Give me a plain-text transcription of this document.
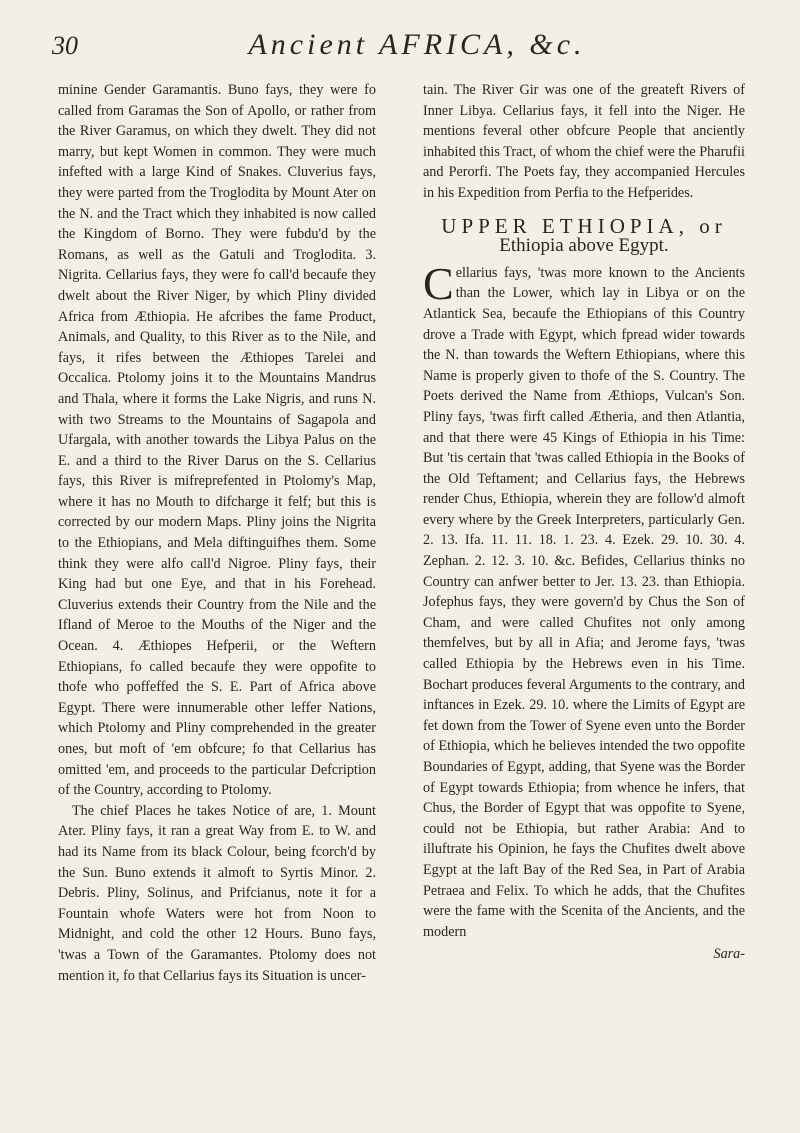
30	Ancient AFRICA, &c.

minine Gender Garamantis. Buno fays, they were fo called from Garamas the Son of Apollo, or rather from the River Garamus, on which they dwelt. They did not marry, but kept Women in common. They were much infefted with a large Kind of Snakes. Cluverius fays, they were parted from the Troglodita by Mount Ater on the N. and the Tract which they inhabited is now called the Kingdom of Borno. They were fubdu'd by the Romans, as well as the Gatuli and Troglodita. 3. Nigrita. Cellarius fays, they were fo call'd becaufe they dwelt about the River Niger, by which Pliny divided Africa from Æthiopia. He afcribes the fame Product, Animals, and Quality, to this River as to the Nile, and fays, it rifes between the Æthiopes Tarelei and Occalica. Ptolomy joins it to the Mountains Mandrus and Thala, where it forms the Lake Nigris, and runs N. with two Streams to the Mountains of Sagapola and Ufargala, with another towards the Libya Palus on the E. and a third to the River Darus on the S. Cellarius fays, this River is mifreprefented in Ptolomy's Map, where it has no Mouth to difcharge it felf; but this is corrected by our modern Maps. Pliny joins the Nigrita to the Ethiopians, and Mela diftinguifhes them. Some think they were alfo call'd Nigroe. Pliny fays, their King had but one Eye, and that in his Forehead. Cluverius extends their Country from the Nile and the Ifland of Meroe to the Mouths of the Niger and the Ocean. 4. Æthiopes Hefperii, or the Weftern Ethiopians, fo called becaufe they were oppofite to thofe who poffeffed the S. E. Part of Africa above Egypt. There were innumerable other leffer Nations, which Ptolomy and Pliny comprehended in the greater ones, but moft of 'em obfcure; fo that Cellarius has omitted 'em, and proceeds to the particular Defcription of the Country, according to Ptolomy.

The chief Places he takes Notice of are, 1. Mount Ater. Pliny fays, it ran a great Way from E. to W. and had its Name from its black Colour, being fcorch'd by the Sun. Buno extends it almoft to Syrtis Minor. 2. Debris. Pliny, Solinus, and Prifcianus, note it for a Fountain whofe Waters were hot from Noon to Midnight, and cold the other 12 Hours. Buno fays, 'twas a Town of the Garamantes. Ptolomy does not mention it, fo that Cellarius fays its Situation is uncer-

tain. The River Gir was one of the greateft Rivers of Inner Libya. Cellarius fays, it fell into the Niger. He mentions feveral other obfcure People that anciently inhabited this Tract, of whom the chief were the Pharufii and Perorfi. The Poets fay, they accompanied Hercules in his Expedition from Perfia to the Hefperides.

UPPER ETHIOPIA, or
Ethiopia above Egypt.

Cellarius fays, 'twas more known to the Ancients than the Lower, which lay in Libya or on the Atlantick Sea, becaufe the Ethiopians of this Country drove a Trade with Egypt, which fpread wider towards the N. than towards the Weftern Ethiopians, where this Name is properly given to thofe of the S. Country. The Poets derived the Name from Æthiops, Vulcan's Son. Pliny fays, 'twas firft called Ætheria, and then Atlantia, and that there were 45 Kings of Ethiopia in his Time: But 'tis certain that 'twas called Ethiopia in the Books of the Old Teftament; and Cellarius fays, the Hebrews render Chus, Ethiopia, wherein they are follow'd almoft every where by the Greek Interpreters, particularly Gen. 2. 13. Ifa. 11. 11. 18. 1. 23. 4. Ezek. 29. 10. 30. 4. Zephan. 2. 12. 3. 10. &c. Befides, Cellarius thinks no Country can anfwer better to Jer. 13. 23. than Ethiopia. Jofephus fays, they were govern'd by Chus the Son of Cham, and were called Chufites not only among themfelves, but by all in Afia; and Jerome fays, 'twas called Ethiopia by the Hebrews even in his Time. Bochart produces feveral Arguments to the contrary, and inftances in Ezek. 29. 10. where the Limits of Egypt are fet down from the Tower of Syene even unto the Border of Ethiopia, which he believes intended the two oppofite Boundaries of Egypt, adding, that Syene was the Border of Egypt towards Ethiopia; from whence he infers, that Chus, the Border of Egypt that was oppofite to Syene, could not be Ethiopia, but rather Arabia: And to illuftrate his Opinion, he fays the Chufites dwelt above Egypt at the laft Bay of the Red Sea, in Part of Arabia Petraea and Felix. To which he adds, that the Chufites were the fame with the Scenita of the Ancients, and the modern

Sara-
